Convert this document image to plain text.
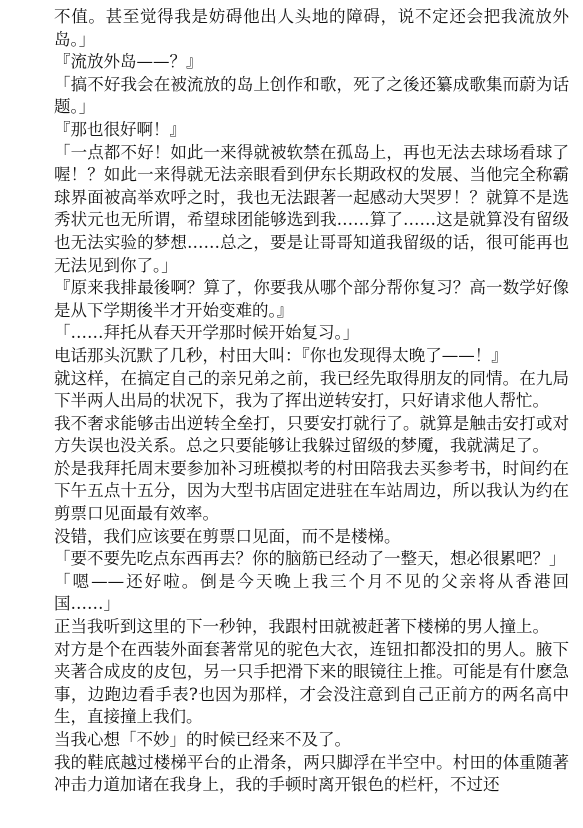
不值。甚至觉得我是妨碍他出人头地的障碍，说不定还会把我流放外岛。」

『流放外岛——？』

「搞不好我会在被流放的岛上创作和歌，死了之後还纂成歌集而蔚为话题。」

『那也很好啊！』

「一点都不好！如此一来得就被软禁在孤岛上，再也无法去球场看球了喔！？如此一来得就无法亲眼看到伊东长期政权的发展、当他完全称霸球界面被高举欢呼之时，我也无法跟著一起感动大哭罗！？就算不是选秀状元也无所谓，希望球团能够选到我……算了……这是就算没有留级也无法实验的梦想……总之，要是让哥哥知道我留级的话，很可能再也无法见到你了。」

『原来我排最後啊？算了，你要我从哪个部分帮你复习？高一数学好像是从下学期後半才开始变难的。』

「……拜托从春天开学那时候开始复习。」

电话那头沉默了几秒，村田大叫：『你也发现得太晚了——！』

就这样，在搞定自己的亲兄弟之前，我已经先取得朋友的同情。在九局下半两人出局的状况下，我为了挥出逆转安打，只好请求他人帮忙。

我不奢求能够击出逆转全垒打，只要安打就行了。就算是触击安打或对方失误也没关系。总之只要能够让我躲过留级的梦魇，我就满足了。

於是我拜托周末要参加补习班模拟考的村田陪我去买参考书，时间约在下午五点十五分，因为大型书店固定进驻在车站周边，所以我认为约在剪票口见面最有效率。

没错，我们应该要在剪票口见面，而不是楼梯。

「要不要先吃点东西再去？你的脑筋已经动了一整天，想必很累吧？」

「嗯——还好啦。倒是今天晚上我三个月不见的父亲将从香港回国……」

正当我听到这里的下一秒钟，我跟村田就被赶著下楼梯的男人撞上。

对方是个在西装外面套著常见的驼色大衣，连钮扣都没扣的男人。腋下夹著合成皮的皮包，另一只手把滑下来的眼镜往上推。可能是有什麽急事，边跑边看手表?也因为那样，才会没注意到自己正前方的两名高中生，直接撞上我们。

当我心想「不妙」的时候已经来不及了。

我的鞋底越过楼梯平台的止滑条，两只脚浮在半空中。村田的体重随著冲击力道加诸在我身上，我的手顿时离开银色的栏杆，不过还
